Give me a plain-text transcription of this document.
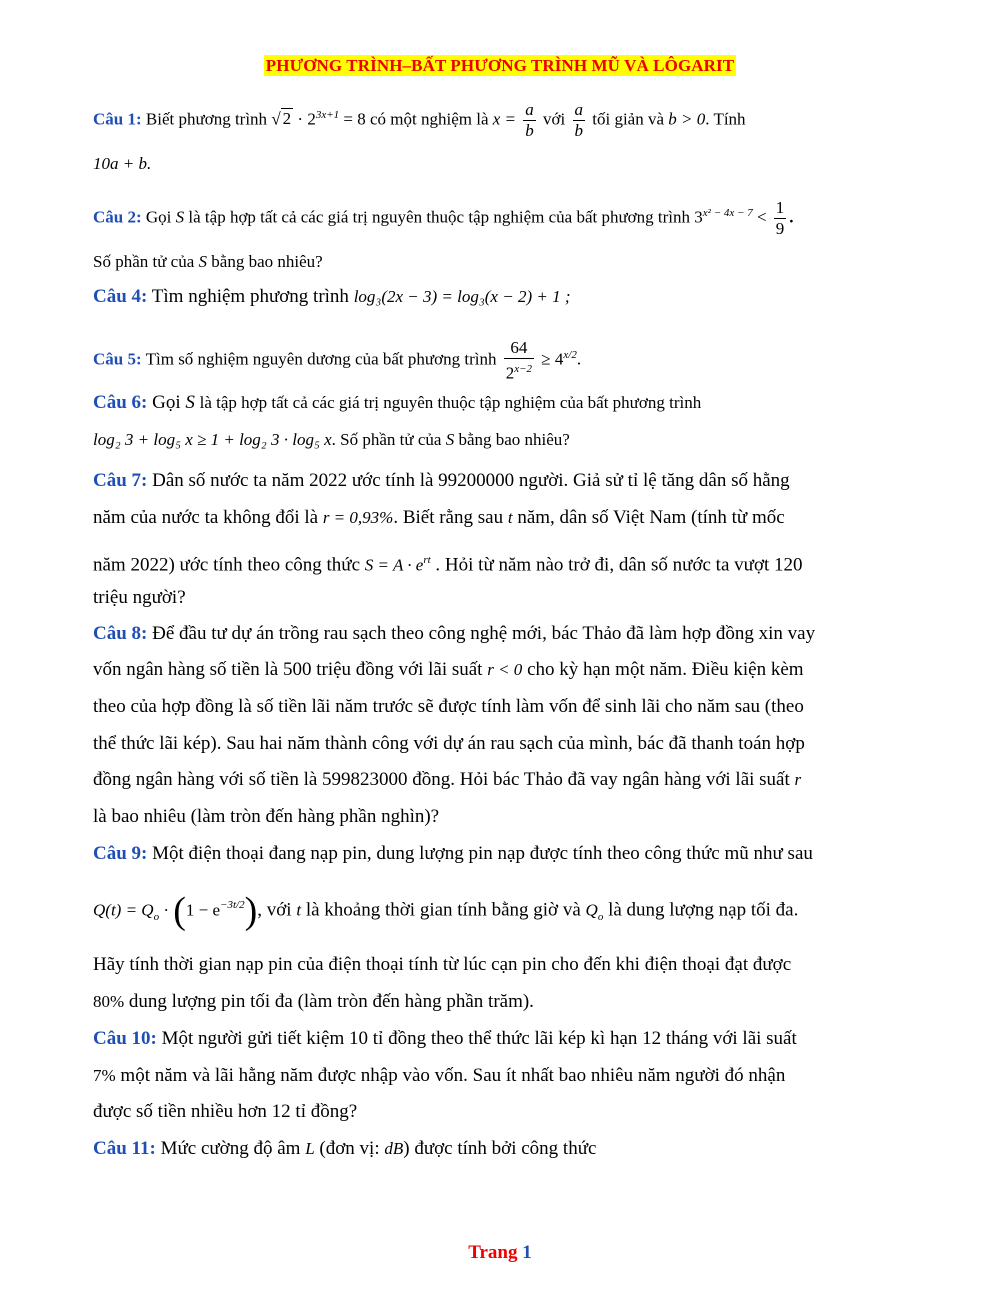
PHƯƠNG TRÌNH–BẤT PHƯƠNG TRÌNH MŨ VÀ LÔGARIT
Câu 1: Biết phương trình √ $2 \cdot 2^{3x+1} = 8$ có một nghiệm là $x = \frac{a}{b}$ với $\frac{a}{b}$ tối giản và b > 0. Tính
10a + b.
Câu 2: Gọi S là tập hợp tất cả các giá trị nguyên thuộc tập nghiệm của bất phương trình $3^{x^2 - 4x - 7} < \frac{1}{9}$ .
Số phần tử của S bằng bao nhiêu?
Câu 4: Tìm nghiệm phương trình log₃(2x − 3) = log₃(x − 2) + 1 ;
Câu 5: Tìm số nghiệm nguyên dương của bất phương trình $\frac{64}{2^{x-2}} \ge 4^{x/2}$.
Câu 6: Gọi S là tập hợp tất cả các giá trị nguyên thuộc tập nghiệm của bất phương trình
log₂ 3 + log₅ x ≥ 1 + log₂ 3 · log₅ x. Số phần tử của S bằng bao nhiêu?
Câu 7: Dân số nước ta năm 2022 ước tính là 99200000 người. Giả sử tỉ lệ tăng dân số hằng
năm của nước ta không đổi là r = 0,93%. Biết rằng sau t năm, dân số Việt Nam (tính từ mốc
năm 2022) ước tính theo công thức $S = A \cdot e^{rt}$ . Hỏi từ năm nào trở đi, dân số nước ta vượt 120
triệu người?
Câu 8: Để đầu tư dự án trồng rau sạch theo công nghệ mới, bác Thảo đã làm hợp đồng xin vay
vốn ngân hàng số tiền là 500 triệu đồng với lãi suất r < 0 cho kỳ hạn một năm. Điều kiện kèm
theo của hợp đồng là số tiền lãi năm trước sẽ được tính làm vốn để sinh lãi cho năm sau (theo
thể thức lãi kép). Sau hai năm thành công với dự án rau sạch của mình, bác đã thanh toán hợp
đồng ngân hàng với số tiền là 599823000 đồng. Hỏi bác Thảo đã vay ngân hàng với lãi suất r
là bao nhiêu (làm tròn đến hàng phần nghìn)?
Câu 9: Một điện thoại đang nạp pin, dung lượng pin nạp được tính theo công thức mũ như sau
$Q(t) = Q_o \cdot (1 - e^{-3t/2})$, với t là khoảng thời gian tính bằng giờ và $Q_o$ là dung lượng nạp tối đa.
Hãy tính thời gian nạp pin của điện thoại tính từ lúc cạn pin cho đến khi điện thoại đạt được
80% dung lượng pin tối đa (làm tròn đến hàng phần trăm).
Câu 10: Một người gửi tiết kiệm 10 tỉ đồng theo thể thức lãi kép kì hạn 12 tháng với lãi suất
7% một năm và lãi hằng năm được nhập vào vốn. Sau ít nhất bao nhiêu năm người đó nhận
được số tiền nhiều hơn 12 tỉ đồng?
Câu 11: Mức cường độ âm L (đơn vị: dB) được tính bởi công thức
Trang 1
